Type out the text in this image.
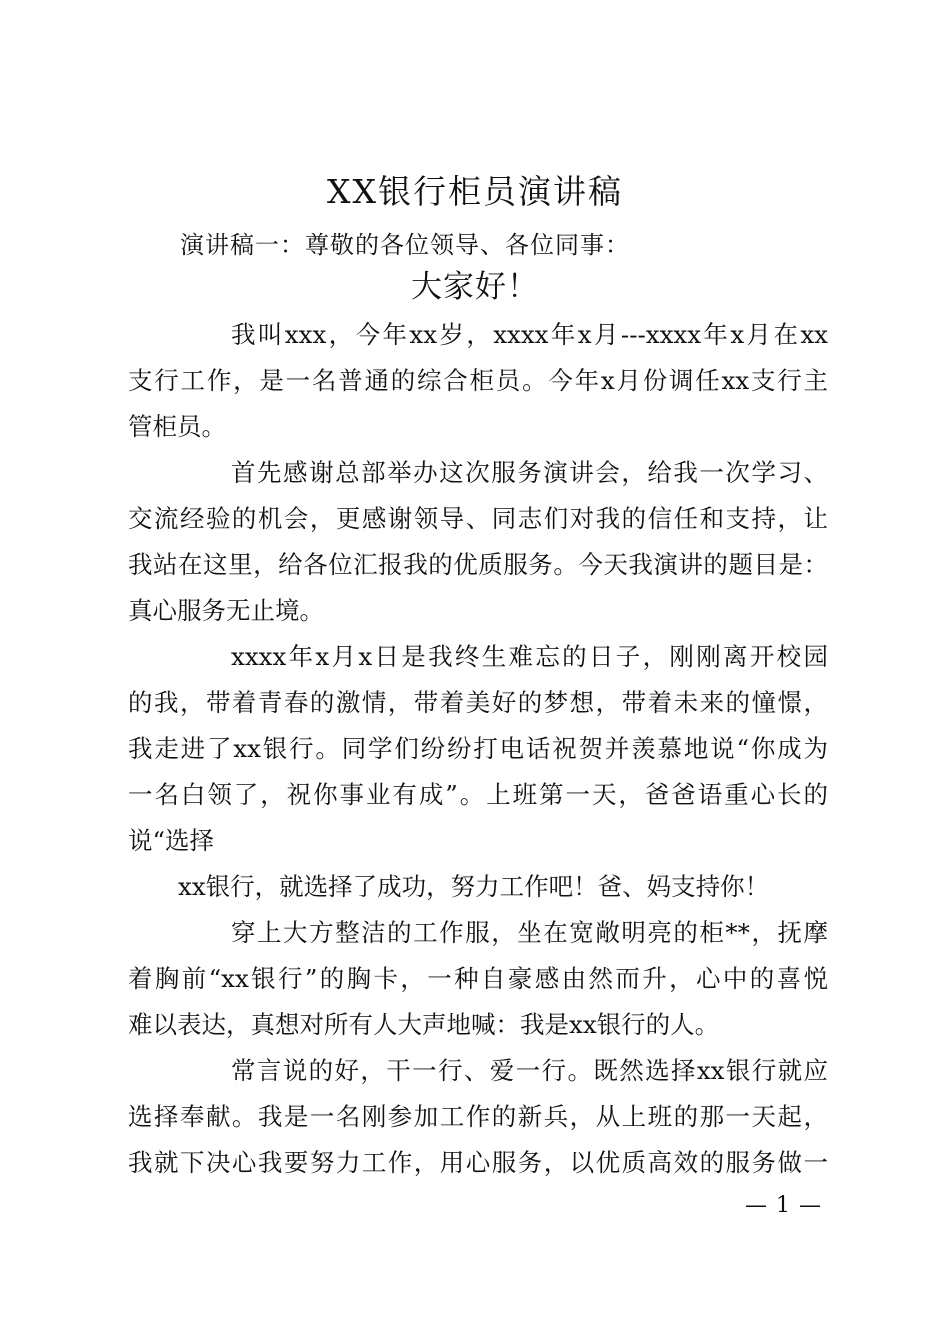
XX银行柜员演讲稿

演讲稿一：尊敬的各位领导、各位同事：

大家好！

我叫xxx，今年xx岁，xxxx年x月---xxxx年x月在xx

支行工作，是一名普通的综合柜员。今年x月份调任xx支行主

管柜员。

首先感谢总部举办这次服务演讲会，给我一次学习、

交流经验的机会，更感谢领导、同志们对我的信任和支持，让

我站在这里，给各位汇报我的优质服务。今天我演讲的题目是：

真心服务无止境。

xxxx年x月x日是我终生难忘的日子，刚刚离开校园

的我，带着青春的激情，带着美好的梦想，带着未来的憧憬，

我走进了xx银行。同学们纷纷打电话祝贺并羡慕地说“你成为

一名白领了，祝你事业有成”。上班第一天，爸爸语重心长的

说“选择

xx银行，就选择了成功，努力工作吧！爸、妈支持你！

穿上大方整洁的工作服，坐在宽敞明亮的柜**，抚摩

着胸前“xx银行”的胸卡，一种自豪感由然而升，心中的喜悦

难以表达，真想对所有人大声地喊：我是xx银行的人。

常言说的好，干一行、爱一行。既然选择xx银行就应

选择奉献。我是一名刚参加工作的新兵，从上班的那一天起，

我就下决心我要努力工作，用心服务，以优质高效的服务做一

— 1 —
